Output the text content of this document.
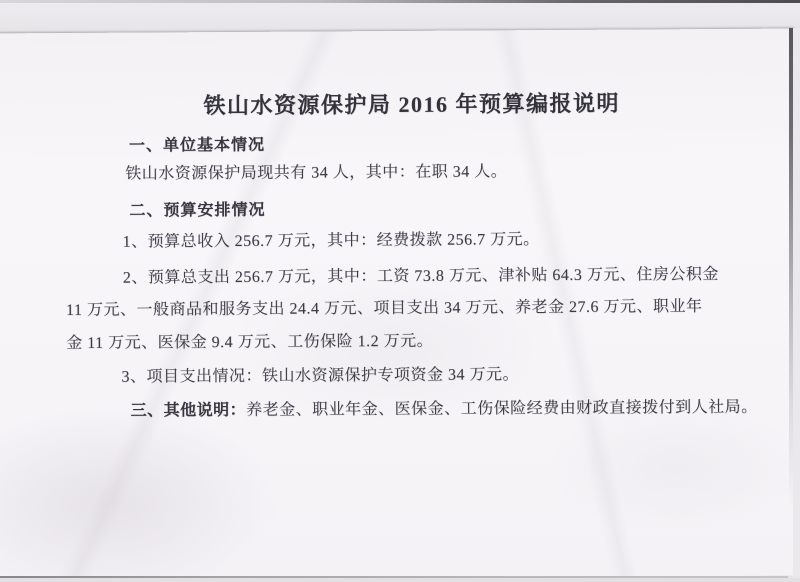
铁山水资源保护局 2016 年预算编报说明
一、单位基本情况
铁山水资源保护局现共有 34 人，其中：在职 34 人。
二、预算安排情况
1、预算总收入 256.7 万元，其中：经费拨款 256.7 万元。
2、预算总支出 256.7 万元，其中：工资 73.8 万元、津补贴 64.3 万元、住房公积金
11 万元、一般商品和服务支出 24.4 万元、项目支出 34 万元、养老金 27.6 万元、职业年
金 11 万元、医保金 9.4 万元、工伤保险 1.2 万元。
3、项目支出情况：铁山水资源保护专项资金 34 万元。
三、其他说明：养老金、职业年金、医保金、工伤保险经费由财政直接拨付到人社局。
